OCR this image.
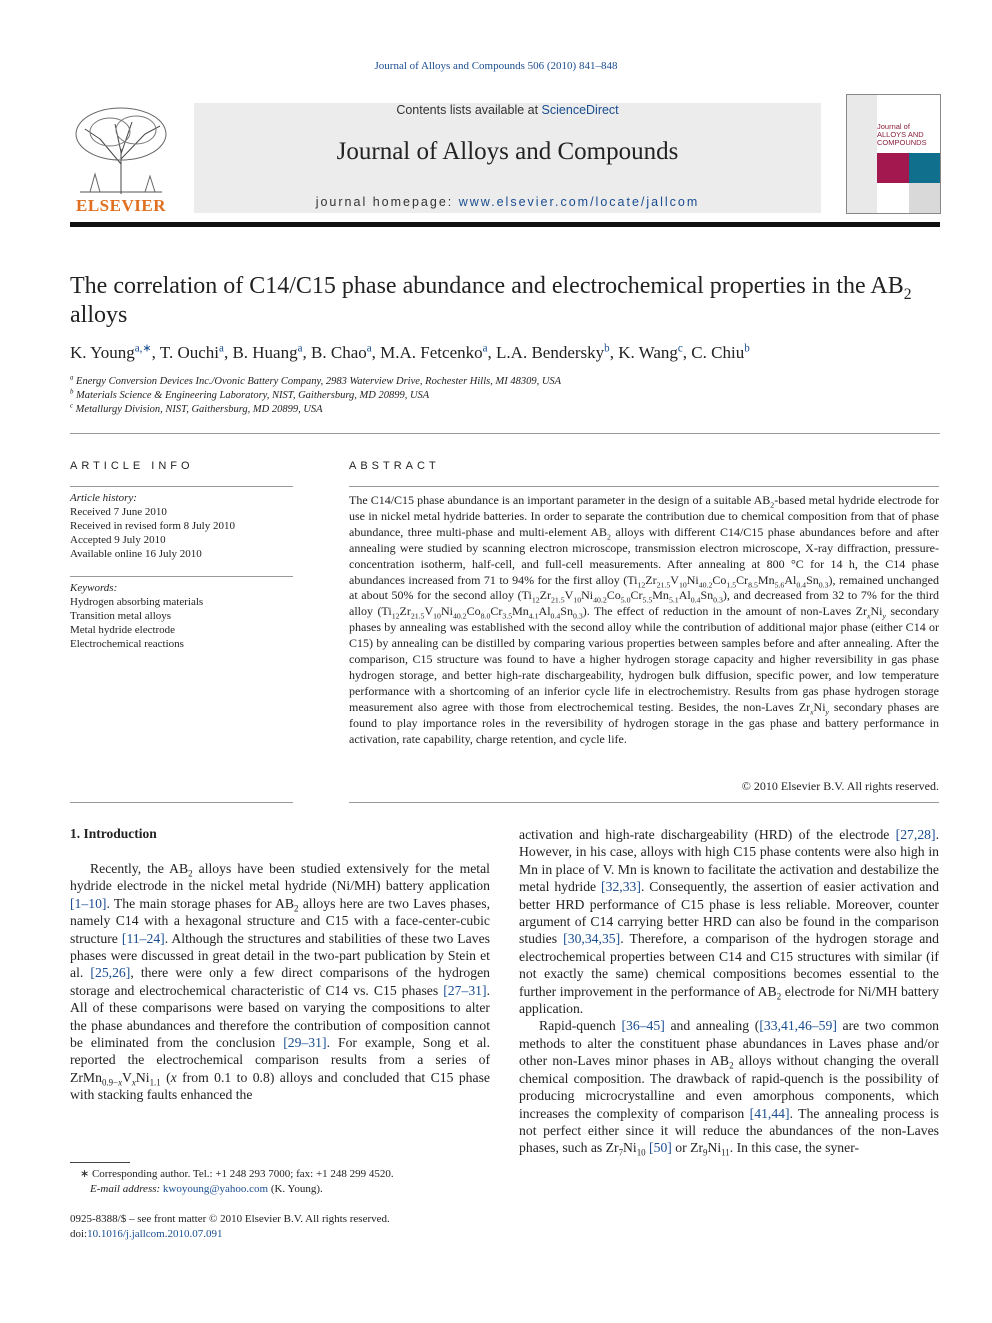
Journal of Alloys and Compounds 506 (2010) 841–848
ELSEVIER
Contents lists available at ScienceDirect
Journal of Alloys and Compounds
journal homepage: www.elsevier.com/locate/jallcom
Journal of ALLOYS AND COMPOUNDS
The correlation of C14/C15 phase abundance and electrochemical properties in the $AB_2$ alloys
K. Young$^{a,∗}$, T. Ouchi$^a$, B. Huang$^a$, B. Chao$^a$, M.A. Fetcenko$^a$, L.A. Bendersky$^b$, K. Wang$^c$, C. Chiu$^b$
$^a$ Energy Conversion Devices Inc./Ovonic Battery Company, 2983 Waterview Drive, Rochester Hills, MI 48309, USA
$^b$ Materials Science & Engineering Laboratory, NIST, Gaithersburg, MD 20899, USA
$^c$ Metallurgy Division, NIST, Gaithersburg, MD 20899, USA
ARTICLE INFO
Article history:
Received 7 June 2010
Received in revised form 8 July 2010
Accepted 9 July 2010
Available online 16 July 2010
Keywords:
Hydrogen absorbing materials
Transition metal alloys
Metal hydride electrode
Electrochemical reactions
ABSTRACT
The C14/C15 phase abundance is an important parameter in the design of a suitable $AB_2$-based metal hydride electrode for use in nickel metal hydride batteries. In order to separate the contribution due to chemical composition from that of phase abundance, three multi-phase and multi-element $AB_2$ alloys with different C14/C15 phase abundances before and after annealing were studied by scanning electron microscope, transmission electron microscope, X-ray diffraction, pressure-concentration isotherm, half-cell, and full-cell measurements. After annealing at 800 °C for 14 h, the C14 phase abundances increased from 71 to 94% for the first alloy $(Ti_{12}Zr_{21.5}V_{10}Ni_{40.2}Co_{1.5}Cr_{8.5}Mn_{5.6}Al_{0.4}Sn_{0.3})$, remained unchanged at about 50% for the second alloy $(Ti_{12}Zr_{21.5}V_{10}Ni_{40.2}Co_{5.0}Cr_{5.5}Mn_{5.1}Al_{0.4}Sn_{0.3})$, and decreased from 32 to 7% for the third alloy $(Ti_{12}Zr_{21.5}V_{10}Ni_{40.2}Co_{8.0}Cr_{3.5}Mn_{4.1}Al_{0.4}Sn_{0.3})$. The effect of reduction in the amount of non-Laves $Zr_xNi_y$ secondary phases by annealing was established with the second alloy while the contribution of additional major phase (either C14 or C15) by annealing can be distilled by comparing various properties between samples before and after annealing. After the comparison, C15 structure was found to have a higher hydrogen storage capacity and higher reversibility in gas phase hydrogen storage, and better high-rate dischargeability, hydrogen bulk diffusion, specific power, and low temperature performance with a shortcoming of an inferior cycle life in electrochemistry. Results from gas phase hydrogen storage measurement also agree with those from electrochemical testing. Besides, the non-Laves $Zr_xNi_y$ secondary phases are found to play importance roles in the reversibility of hydrogen storage in the gas phase and battery performance in activation, rate capability, charge retention, and cycle life.
© 2010 Elsevier B.V. All rights reserved.
1. Introduction

Recently, the $AB_2$ alloys have been studied extensively for the metal hydride electrode in the nickel metal hydride (Ni/MH) battery application [1–10]. The main storage phases for $AB_2$ alloys here are two Laves phases, namely C14 with a hexagonal structure and C15 with a face-center-cubic structure [11–24]. Although the structures and stabilities of these two Laves phases were discussed in great detail in the two-part publication by Stein et al. [25,26], there were only a few direct comparisons of the hydrogen storage and electrochemical characteristic of C14 vs. C15 phases [27–31]. All of these comparisons were based on varying the compositions to alter the phase abundances and therefore the contribution of composition cannot be eliminated from the conclusion [29–31]. For example, Song et al. reported the electrochemical comparison results from a series of $ZrMn_{0.9-x}V_xNi_{1.1}$ (x from 0.1 to 0.8) alloys and concluded that C15 phase with stacking faults enhanced the

activation and high-rate dischargeability (HRD) of the electrode [27,28]. However, in his case, alloys with high C15 phase contents were also high in Mn in place of V. Mn is known to facilitate the activation and destabilize the metal hydride [32,33]. Consequently, the assertion of easier activation and better HRD performance of C15 phase is less reliable. Moreover, counter argument of C14 carrying better HRD can also be found in the comparison studies [30,34,35]. Therefore, a comparison of the hydrogen storage and electrochemical properties between C14 and C15 structures with similar (if not exactly the same) chemical compositions becomes essential to the further improvement in the performance of $AB_2$ electrode for Ni/MH battery application.

Rapid-quench [36–45] and annealing ([33,41,46–59] are two common methods to alter the constituent phase abundances in Laves phase and/or other non-Laves minor phases in $AB_2$ alloys without changing the overall chemical composition. The drawback of rapid-quench is the possibility of producing microcrystalline and even amorphous components, which increases the complexity of comparison [41,44]. The annealing process is not perfect either since it will reduce the abundances of the non-Laves phases, such as $Zr_7Ni_{10}$ [50] or $Zr_9Ni_{11}$. In this case, the syner-

∗ Corresponding author. Tel.: +1 248 293 7000; fax: +1 248 299 4520.
E-mail address: kwoyoung@yahoo.com (K. Young).
0925-8388/$ – see front matter © 2010 Elsevier B.V. All rights reserved.
doi:10.1016/j.jallcom.2010.07.091
